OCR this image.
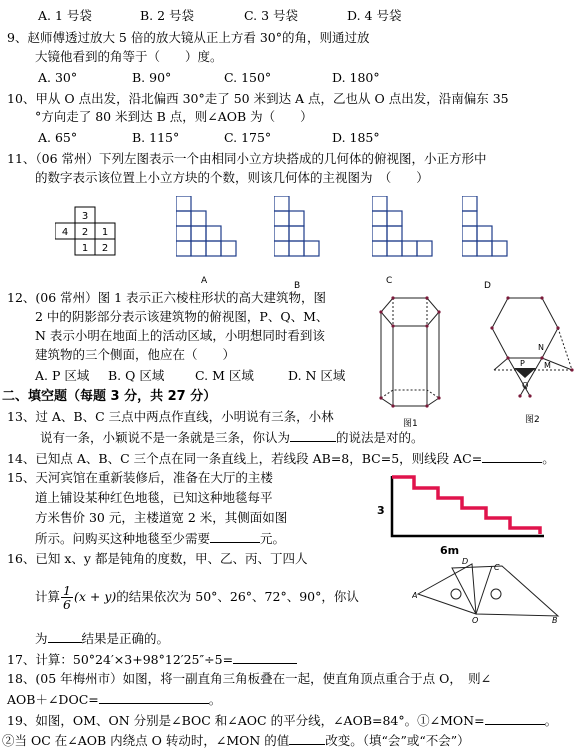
A. 1 号袋	B. 2 号袋	C. 3 号袋	D. 4 号袋
9、赵师傅透过放大 5 倍的放大镜从正上方看 30°的角，则通过放
大镜他看到的角等于（　　）度。
A. 30°	B. 90°	C. 150°	D. 180°
10、甲从 O 点出发，沿北偏西 30°走了 50 米到达 A 点，乙也从 O 点出发，沿南偏东 35
°方向走了 80 米到达 B 点，则∠AOB 为（　　）
A. 65°	B. 115°	C. 175°	D. 185°
11、（06 常州）下列左图表示一个由相同小立方块搭成的几何体的俯视图，小正方形中
的数字表示该位置上小立方块的个数，则该几何体的主视图为　（　　）
3
4 2 1
1 2
A	B	C	D
12、(06 常州）图 1 表示正六棱柱形状的高大建筑物，图
2 中的阴影部分表示该建筑物的俯视图，P、Q、M、
N 表示小明在地面上的活动区域，小明想同时看到该
建筑物的三个侧面，他应在（　　）
A. P 区域 B. Q 区域 C. M 区域	D. N 区域
图1
P
N
M
Q
图2
二、填空题（每题 3 分，共 27 分）
13、过 A、B、C 三点中两点作直线，小明说有三条，小林
说有一条，小颖说不是一条就是三条，你认为	的说法是对的。
14、已知点 A、B、C 三个点在同一条直线上，若线段 AB=8，BC=5，则线段 AC=	。
15、天河宾馆在重新装修后，准备在大厅的主楼
道上铺设某种红色地毯，已知这种地毯每平
方米售价 30 元，主楼道宽 2 米，其侧面如图
所示。问购买这种地毯至少需要	元。
3
6m
16、已知 x、y 都是钝角的度数，甲、乙、丙、丁四人
计算 $\frac{1}{6} (x + y)$的结果依次为 50°、26°、72°、90°，你认
为	结果是正确的。
D
C
A
O	B
17、计算：50°24′×3+98°12′25″÷5=
18、(05 年梅州市）如图，将一副直角三角板叠在一起，使直角顶点重合于点 O，　则∠
AOB＋∠DOC=	。
19、如图，OM、ON 分别是∠BOC 和∠AOC 的平分线，∠AOB=84°。①∠MON=	。
②当 OC 在∠AOB 内绕点 O 转动时，∠MON 的值	改变。（填“会”或“不会”）
